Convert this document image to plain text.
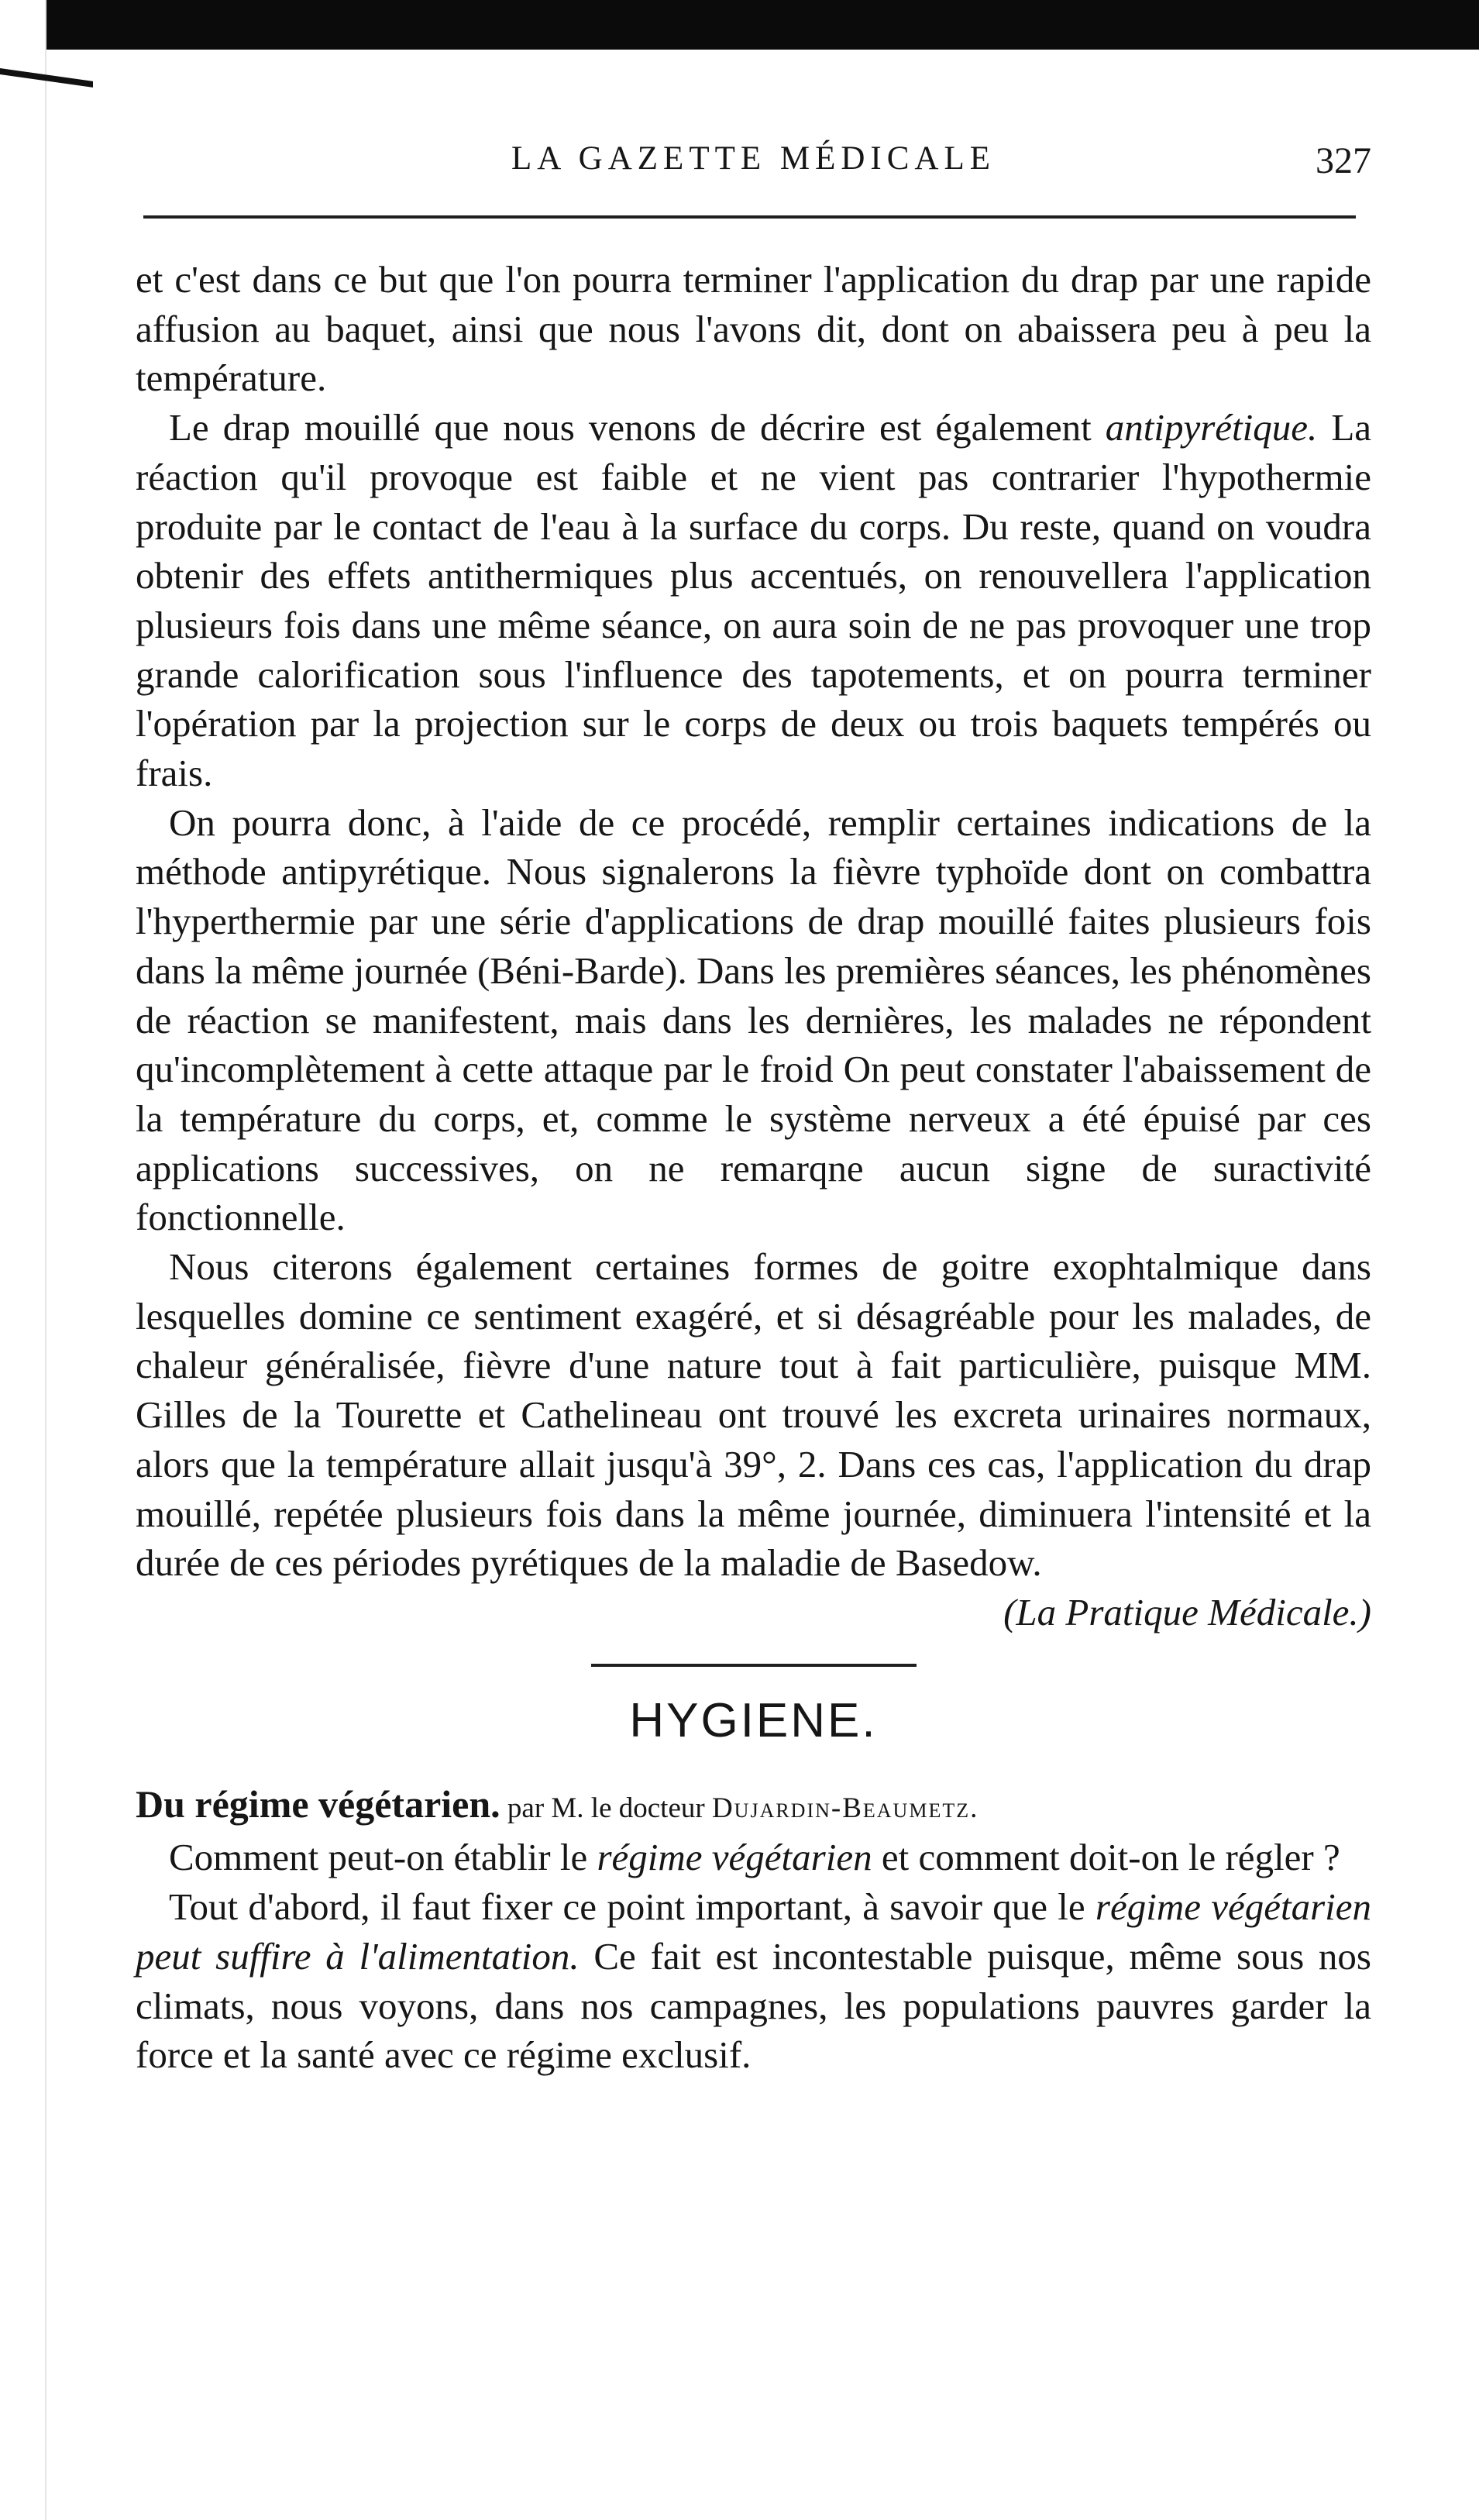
LA GAZETTE MÉDICALE	327

et c'est dans ce but que l'on pourra terminer l'application du drap par une rapide affusion au baquet, ainsi que nous l'avons dit, dont on abaissera peu à peu la température.

Le drap mouillé que nous venons de décrire est également antipyrétique. La réaction qu'il provoque est faible et ne vient pas contrarier l'hypothermie produite par le contact de l'eau à la surface du corps. Du reste, quand on voudra obtenir des effets antithermiques plus accentués, on renouvellera l'application plusieurs fois dans une même séance, on aura soin de ne pas provoquer une trop grande calorification sous l'influence des tapotements, et on pourra terminer l'opération par la projection sur le corps de deux ou trois baquets tempérés ou frais.

On pourra donc, à l'aide de ce procédé, remplir certaines indications de la méthode antipyrétique. Nous signalerons la fièvre typhoïde dont on combattra l'hyperthermie par une série d'applications de drap mouillé faites plusieurs fois dans la même journée (Béni-Barde). Dans les premières séances, les phénomènes de réaction se manifestent, mais dans les dernières, les malades ne répondent qu'incomplètement à cette attaque par le froid On peut constater l'abaissement de la température du corps, et, comme le système nerveux a été épuisé par ces applications successives, on ne remarqne aucun signe de suractivité fonctionnelle.

Nous citerons également certaines formes de goitre exophtalmique dans lesquelles domine ce sentiment exagéré, et si désagréable pour les malades, de chaleur généralisée, fièvre d'une nature tout à fait particulière, puisque MM. Gilles de la Tourette et Cathelineau ont trouvé les excreta urinaires normaux, alors que la température allait jusqu'à 39°, 2. Dans ces cas, l'application du drap mouillé, repétée plusieurs fois dans la même journée, diminuera l'intensité et la durée de ces périodes pyrétiques de la maladie de Basedow.

(La Pratique Médicale.)

HYGIENE.
Du régime végétarien. par M. le docteur Dujardin-Beaumetz.

Comment peut-on établir le régime végétarien et comment doit-on le régler ?

Tout d'abord, il faut fixer ce point important, à savoir que le régime végétarien peut suffire à l'alimentation. Ce fait est incontestable puisque, même sous nos climats, nous voyons, dans nos campagnes, les populations pauvres garder la force et la santé avec ce régime exclusif.
